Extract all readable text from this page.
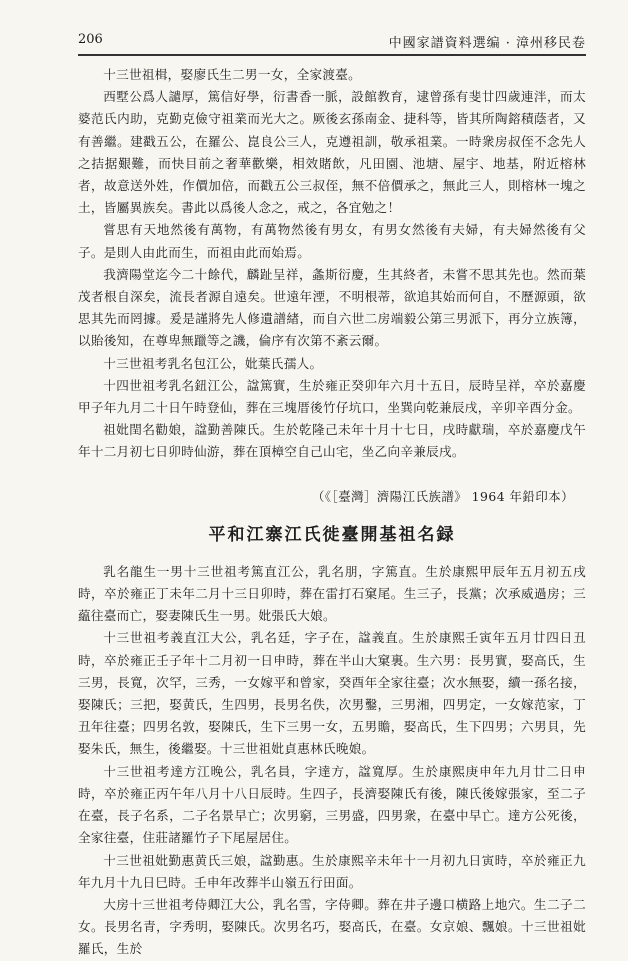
206	中國家譜資料選编 · 漳州移民卷

十三世祖楫，娶廖氏生二男一女，全家渡臺。

西墅公爲人譴厚，篤信好學，衍書香一脈，設館教育，逮曾孫有斐廿四歲連泮，而太婆范氏内助，克勤克儉守祖業而光大之。厥後玄孫南金、捷科等，皆其所陶鎔積蔭者，又有善繼。建戳五公，在羅公、崑良公三人，克遵祖訓，敬承祖業。一時衆房叔侄不念先人之拮据艱難，而快目前之奢華歡樂，相效賭飲，凡田園、池塘、屋宇、地基，附近榕林者，故意送外姓，作價加倍，而戳五公三叔侄，無不倍價承之，無此三人，則榕林一塊之土，皆屬異族矣。書此以爲後人念之，戒之，各宜勉之！

嘗思有天地然後有萬物，有萬物然後有男女，有男女然後有夫婦，有夫婦然後有父子。是則人由此而生，而祖由此而始焉。

我濟陽堂迄今二十餘代，麟趾呈祥，螽斯衍慶，生其終者，未嘗不思其先也。然而葉茂者根自深矣，流長者源自遠矣。世遠年湮，不明根蒂，欲追其始而何自，不歷源頭，欲思其先而罔據。爰是謹將先人修遺譜緖，而自六世二房端毅公第三男派下，再分立族簿，以貽後知，在尊卑無躐等之譏，倫序有次第不紊云爾。

十三世祖考乳名包江公，妣葉氏孺人。

十四世祖考乳名鈕江公，諡篤實，生於雍正癸卯年六月十五日，辰時呈祥，卒於嘉慶甲子年九月二十日午時登仙，葬在三塊厝後竹仔坑口，坐巽向乾兼辰戌，辛卯辛酉分金。

祖妣閏名勸娘，諡勤善陳氏。生於乾隆己未年十月十七日，戌時獻瑞，卒於嘉慶戊午年十二月初七日卯時仙游，葬在頂樟空自己山宅，坐乙向辛兼辰戌。

（《［臺灣］濟陽江氏族譜》 1964 年鉛印本）

平和江寨江氏徙臺開基祖名録

乳名龍生一男十三世祖考篤直江公，乳名朋，字篤直。生於康熙甲辰年五月初五戌時，卒於雍正丁未年二月十三日卯時，葬在雷打石窠尾。生三子，長黨；次承威過房；三藴往臺而亡，娶妻陳氏生一男。妣張氏大娘。

十三世祖考義直江大公，乳名廷，字子在，諡義直。生於康熙壬寅年五月廿四日丑時，卒於雍正壬子年十二月初一日申時，葬在半山大窠裏。生六男：長男實，娶高氏，生三男，長寬，次罕，三秀，一女嫁平和曾家，癸酉年全家往臺；次水無娶，續一孫名接，娶陳氏；三把，娶黄氏，生四男，長男名佚，次男鑿，三男湘，四男定，一女嫁范家，丁丑年往臺；四男名敦，娶陳氏，生下三男一女，五男贍，娶高氏，生下四男；六男貝，先娶朱氏，無生，後繼娶。十三世祖妣貞惠林氏晚娘。

十三世祖考達方江晚公，乳名員，字達方，諡寬厚。生於康熙庚申年九月廿二日申時，卒於雍正丙午年八月十八日辰時。生四子，長濟娶陳氏有後，陳氏後嫁張家，至二子在臺，長子名系，二子名景早亡；次男窮，三男盛，四男衆，在臺中早亡。達方公死後，全家往臺，住莊諸羅竹子下尾屋居住。

十三世祖妣勤惠黄氏三娘，諡勤惠。生於康熙辛未年十一月初九日寅時，卒於雍正九年九月十九日巳時。壬申年改葬半山嶺五行田面。

大房十三世祖考侍卿江大公，乳名雪，字侍卿。葬在井子邊口横路上地穴。生二子二女。長男名青，字秀明，娶陳氏。次男名巧，娶高氏，在臺。女京娘、飄娘。十三世祖妣羅氏，生於
